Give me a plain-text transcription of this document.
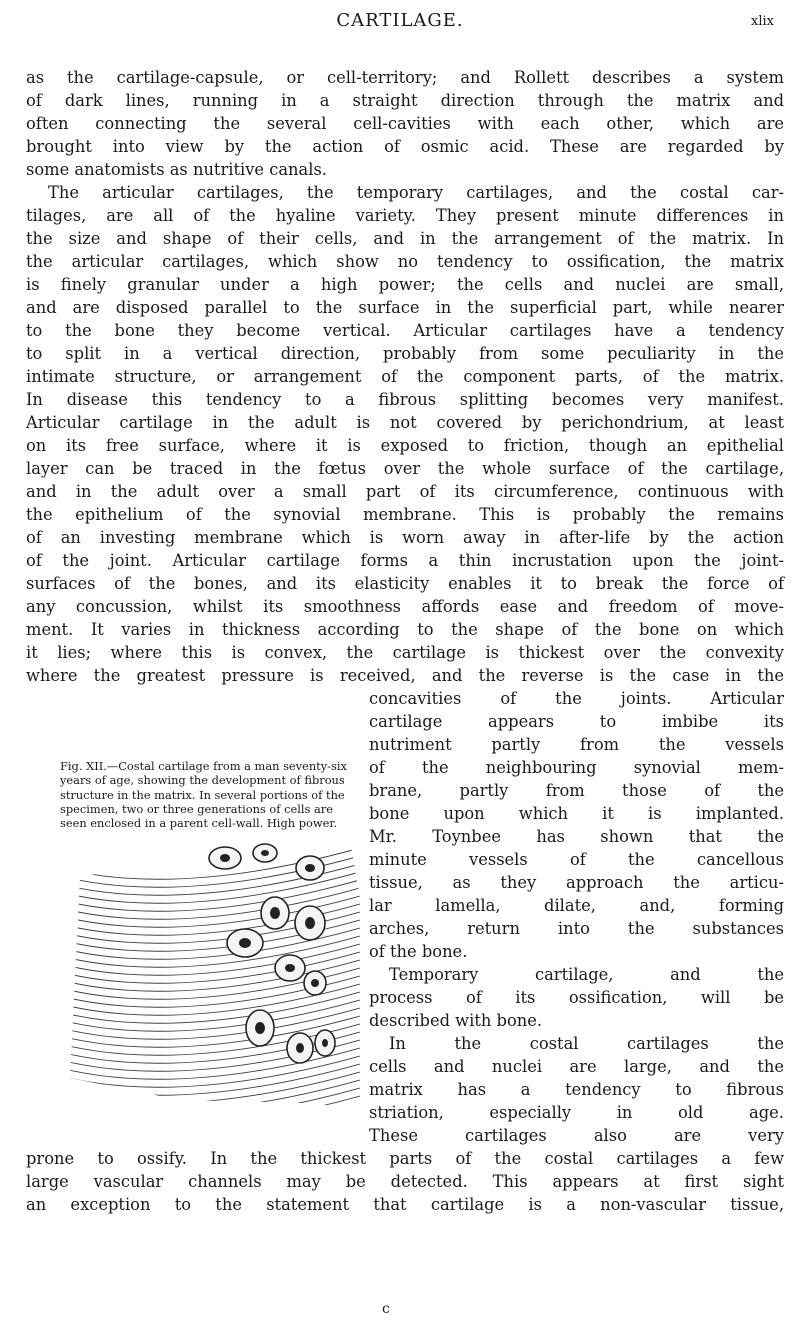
CARTILAGE.	xlix
as the cartilage-capsule, or cell-territory; and Rollett describes a system
of dark lines, running in a straight direction through the matrix and
often connecting the several cell-cavities with each other, which are
brought into view by the action of osmic acid. These are regarded by
some anatomists as nutritive canals.
The articular cartilages, the temporary cartilages, and the costal car-
tilages, are all of the hyaline variety. They present minute differences in
the size and shape of their cells, and in the arrangement of the matrix. In
the articular cartilages, which show no tendency to ossification, the matrix
is finely granular under a high power; the cells and nuclei are small,
and are disposed parallel to the surface in the superficial part, while nearer
to the bone they become vertical. Articular cartilages have a tendency
to split in a vertical direction, probably from some peculiarity in the
intimate structure, or arrangement of the component parts, of the matrix.
In disease this tendency to a fibrous splitting becomes very manifest.
Articular cartilage in the adult is not covered by perichondrium, at least
on its free surface, where it is exposed to friction, though an epithelial
layer can be traced in the fœtus over the whole surface of the cartilage,
and in the adult over a small part of its circumference, continuous with
the epithelium of the synovial membrane. This is probably the remains
of an investing membrane which is worn away in after-life by the action
of the joint. Articular cartilage forms a thin incrustation upon the joint-
surfaces of the bones, and its elasticity enables it to break the force of
any concussion, whilst its smoothness affords ease and freedom of move-
ment. It varies in thickness according to the shape of the bone on which
it lies; where this is convex, the cartilage is thickest over the convexity
where the greatest pressure is received, and the reverse is the case in the
concavities of the joints. Articular
cartilage appears to imbibe its
nutriment partly from the vessels
of the neighbouring synovial mem-
brane, partly from those of the
bone upon which it is implanted.
Mr. Toynbee has shown that the
minute vessels of the cancellous
tissue, as they approach the articu-
lar lamella, dilate, and, forming
arches, return into the substances
of the bone.
Temporary cartilage, and the
process of its ossification, will be
described with bone.
In the costal cartilages the
cells and nuclei are large, and the
matrix has a tendency to fibrous
striation, especially in old age.
These cartilages also are very
prone to ossify. In the thickest parts of the costal cartilages a few
large vascular channels may be detected. This appears at first sight
an exception to the statement that cartilage is a non-vascular tissue,
Fig. XII.—Costal cartilage from a man seventy-six years of age, showing the development of fibrous structure in the matrix. In several portions of the specimen, two or three generations of cells are seen enclosed in a parent cell-wall. High power.
c
